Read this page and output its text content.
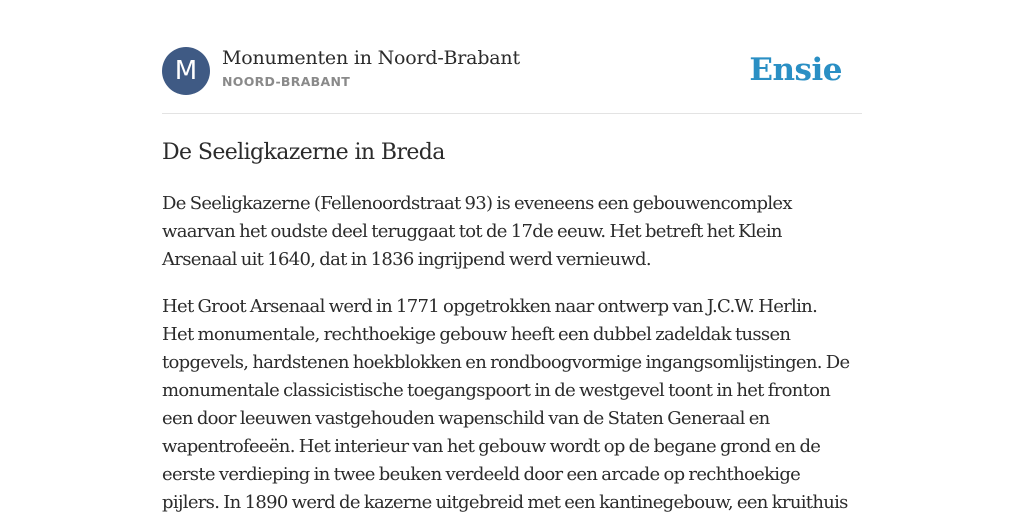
M	Monumenten in Noord-Brabant
NOORD-BRABANT	Ensie
De Seeligkazerne in Breda

De Seeligkazerne (Fellenoordstraat 93) is eveneens een gebouwencomplex
waarvan het oudste deel teruggaat tot de 17de eeuw. Het betreft het Klein
Arsenaal uit 1640, dat in 1836 ingrijpend werd vernieuwd.

Het Groot Arsenaal werd in 1771 opgetrokken naar ontwerp van J.C.W. Herlin.
Het monumentale, rechthoekige gebouw heeft een dubbel zadeldak tussen
topgevels, hardstenen hoekblokken en rondboogvormige ingangsomlijstingen. De
monumentale classicistische toegangspoort in de westgevel toont in het fronton
een door leeuwen vastgehouden wapenschild van de Staten Generaal en
wapentrofeeën. Het interieur van het gebouw wordt op de begane grond en de
eerste verdieping in twee beuken verdeeld door een arcade op rechthoekige
pijlers. In 1890 werd de kazerne uitgebreid met een kantinegebouw, een kruithuis
